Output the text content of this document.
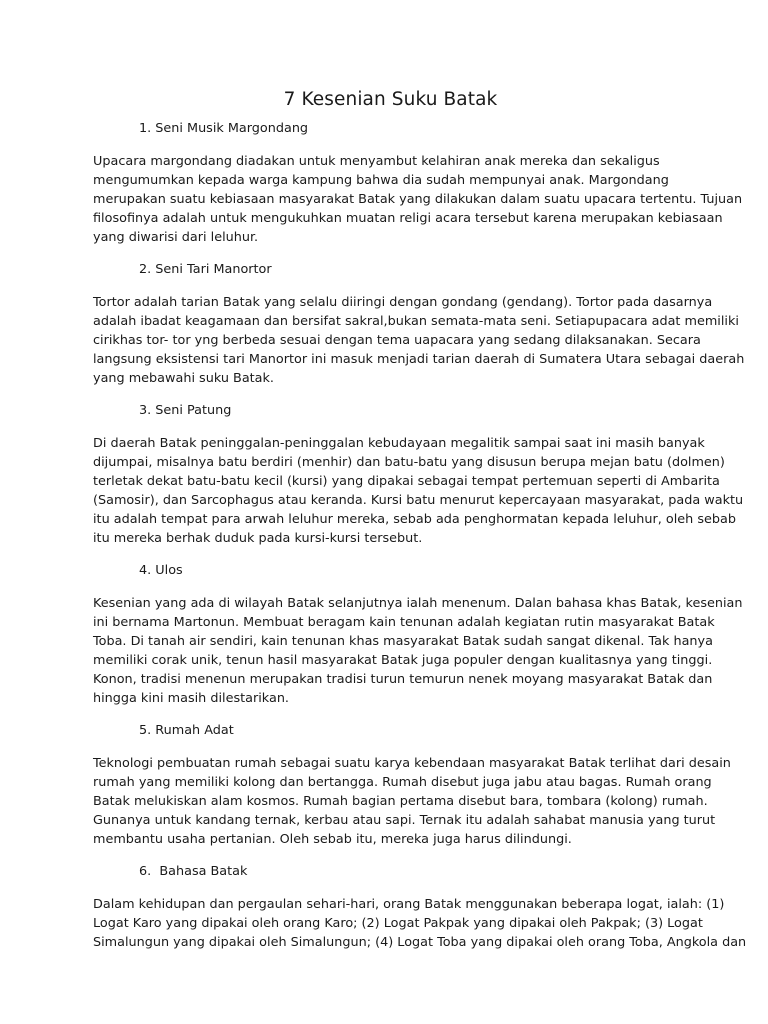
7 Kesenian Suku Batak
1. Seni Musik Margondang
Upacara margondang diadakan untuk menyambut kelahiran anak mereka dan sekaligus
mengumumkan kepada warga kampung bahwa dia sudah mempunyai anak. Margondang
merupakan suatu kebiasaan masyarakat Batak yang dilakukan dalam suatu upacara tertentu. Tujuan
filosofinya adalah untuk mengukuhkan muatan religi acara tersebut karena merupakan kebiasaan
yang diwarisi dari leluhur.
2. Seni Tari Manortor
Tortor adalah tarian Batak yang selalu diiringi dengan gondang (gendang). Tortor pada dasarnya
adalah ibadat keagamaan dan bersifat sakral,bukan semata-mata seni. Setiapupacara adat memiliki
cirikhas tor- tor yng berbeda sesuai dengan tema uapacara yang sedang dilaksanakan. Secara
langsung eksistensi tari Manortor ini masuk menjadi tarian daerah di Sumatera Utara sebagai daerah
yang mebawahi suku Batak.
3. Seni Patung
Di daerah Batak peninggalan-peninggalan kebudayaan megalitik sampai saat ini masih banyak
dijumpai, misalnya batu berdiri (menhir) dan batu-batu yang disusun berupa mejan batu (dolmen)
terletak dekat batu-batu kecil (kursi) yang dipakai sebagai tempat pertemuan seperti di Ambarita
(Samosir), dan Sarcophagus atau keranda. Kursi batu menurut kepercayaan masyarakat, pada waktu
itu adalah tempat para arwah leluhur mereka, sebab ada penghormatan kepada leluhur, oleh sebab
itu mereka berhak duduk pada kursi-kursi tersebut.
4. Ulos
Kesenian yang ada di wilayah Batak selanjutnya ialah menenum. Dalan bahasa khas Batak, kesenian
ini bernama Martonun. Membuat beragam kain tenunan adalah kegiatan rutin masyarakat Batak
Toba. Di tanah air sendiri, kain tenunan khas masyarakat Batak sudah sangat dikenal. Tak hanya
memiliki corak unik, tenun hasil masyarakat Batak juga populer dengan kualitasnya yang tinggi.
Konon, tradisi menenun merupakan tradisi turun temurun nenek moyang masyarakat Batak dan
hingga kini masih dilestarikan.
5. Rumah Adat
Teknologi pembuatan rumah sebagai suatu karya kebendaan masyarakat Batak terlihat dari desain
rumah yang memiliki kolong dan bertangga. Rumah disebut juga jabu atau bagas. Rumah orang
Batak melukiskan alam kosmos. Rumah bagian pertama disebut bara, tombara (kolong) rumah.
Gunanya untuk kandang ternak, kerbau atau sapi. Ternak itu adalah sahabat manusia yang turut
membantu usaha pertanian. Oleh sebab itu, mereka juga harus dilindungi.
6.  Bahasa Batak
Dalam kehidupan dan pergaulan sehari-hari, orang Batak menggunakan beberapa logat, ialah: (1)
Logat Karo yang dipakai oleh orang Karo; (2) Logat Pakpak yang dipakai oleh Pakpak; (3) Logat
Simalungun yang dipakai oleh Simalungun; (4) Logat Toba yang dipakai oleh orang Toba, Angkola dan
